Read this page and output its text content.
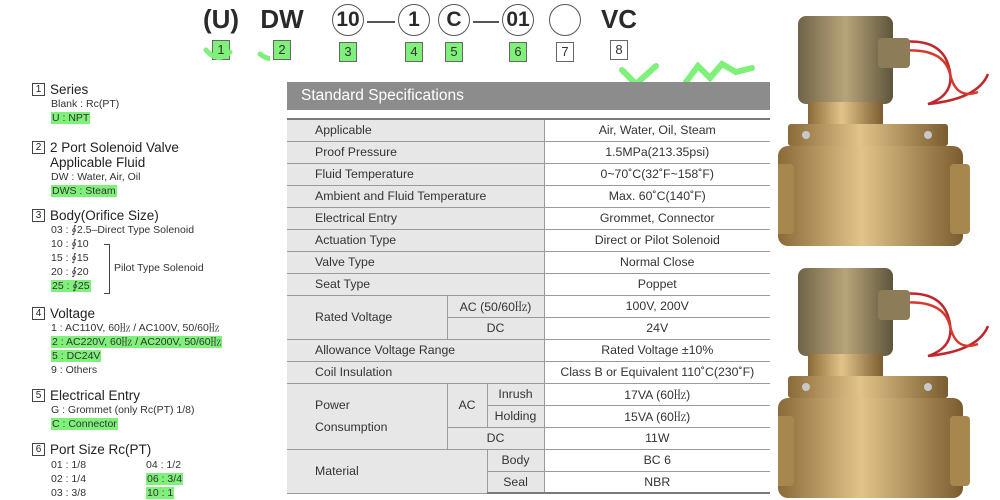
(U)
1
DW
2
10
3
1
4
C
5
01
6	7
VC
8
1 Series
Blank : Rc(PT)
U : NPT
2 2 Port Solenoid Valve
Applicable Fluid
DW : Water, Air, Oil
DWS : Steam
3 Body(Orifice Size)
03 : ∮2.5–Direct Type Solenoid
10 : ∮10
15 : ∮15
20 : ∮20
25 : ∮25
Pilot Type Solenoid
4 Voltage
1 : AC110V, 60㎐ / AC100V, 50/60㎐
2 : AC220V, 60㎐ / AC200V, 50/60㎐
5 : DC24V
9 : Others
5 Electrical Entry
G : Grommet (only Rc(PT) 1/8)
C : Connector
6 Port Size Rc(PT)
01 : 1/8	04 : 1/2
02 : 1/4	06 : 3/4
03 : 3/8	10 : 1
Standard Specifications
Applicable			Air, Water, Oil, Steam
Proof Pressure			1.5MPa(213.35psi)
Fluid Temperature			0~70˚C(32˚F~158˚F)
Ambient and Fluid Temperature			Max. 60˚C(140˚F)
Electrical Entry			Grommet, Connector
Actuation Type			Direct or Pilot Solenoid
Valve Type			Normal Close
Seat Type			Poppet
Rated Voltage	AC (50/60㎐)		100V, 200V
	DC		24V
Allowance Voltage Range			Rated Voltage ±10%
Coil Insulation			Class B or Equivalent 110˚C(230˚F)

Power
Consumption	AC	Inrush	17VA (60㎐)
		Holding	15VA (60㎐)
	DC		11W
Material		Body	BC 6
		Seal	NBR
